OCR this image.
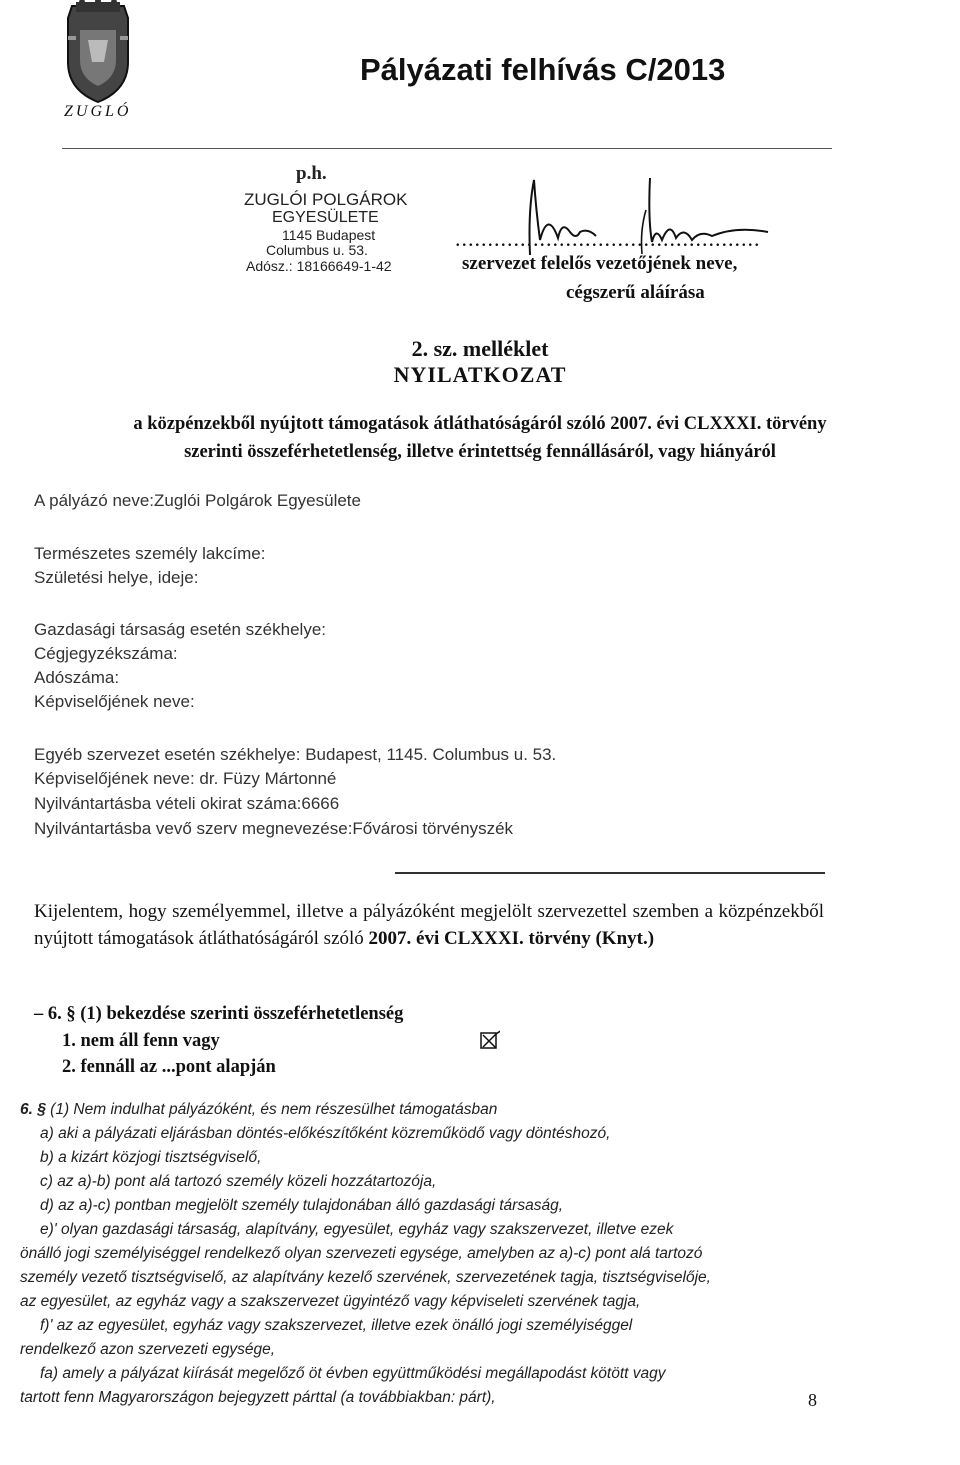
ZUGLÓ
Pályázati felhívás C/2013
p.h.
ZUGLÓI POLGÁROK
EGYESÜLETE
1145 Budapest
Columbus u. 53.
Adósz.: 18166649-1-42
...............................................
szervezet felelős vezetőjének neve,
cégszerű aláírása
2. sz. melléklet
NYILATKOZAT
a közpénzekből nyújtott támogatások átláthatóságáról szóló 2007. évi CLXXXI. törvény
szerinti összeférhetetlenség, illetve érintettség fennállásáról, vagy hiányáról
A pályázó neve:Zuglói Polgárok Egyesülete
Természetes személy lakcíme:
Születési helye, ideje:
Gazdasági társaság esetén székhelye:
Cégjegyzékszáma:
Adószáma:
Képviselőjének neve:
Egyéb szervezet esetén székhelye: Budapest, 1145. Columbus u. 53.
Képviselőjének neve: dr. Füzy Mártonné
Nyilvántartásba vételi okirat száma:6666
Nyilvántartásba vevő szerv megnevezése:Fővárosi törvényszék
Kijelentem, hogy személyemmel, illetve a pályázóként megjelölt szervezettel szemben a közpénzekből nyújtott támogatások átláthatóságáról szóló 2007. évi CLXXXI. törvény (Knyt.)
– 6. § (1) bekezdése szerinti összeférhetetlenség
1. nem áll fenn vagy
2. fennáll az ...pont alapján
6. § (1) Nem indulhat pályázóként, és nem részesülhet támogatásban
a) aki a pályázati eljárásban döntés-előkészítőként közreműködő vagy döntéshozó,
b) a kizárt közjogi tisztségviselő,
c) az a)-b) pont alá tartozó személy közeli hozzátartozója,
d) az a)-c) pontban megjelölt személy tulajdonában álló gazdasági társaság,
e)' olyan gazdasági társaság, alapítvány, egyesület, egyház vagy szakszervezet, illetve ezek
önálló jogi személyiséggel rendelkező olyan szervezeti egysége, amelyben az a)-c) pont alá tartozó
személy vezető tisztségviselő, az alapítvány kezelő szervének, szervezetének tagja, tisztségviselője,
az egyesület, az egyház vagy a szakszervezet ügyintéző vagy képviseleti szervének tagja,
f)' az az egyesület, egyház vagy szakszervezet, illetve ezek önálló jogi személyiséggel
rendelkező azon szervezeti egysége,
fa) amely a pályázat kiírását megelőző öt évben együttműködési megállapodást kötött vagy
tartott fenn Magyarországon bejegyzett párttal (a továbbiakban: párt),	8
